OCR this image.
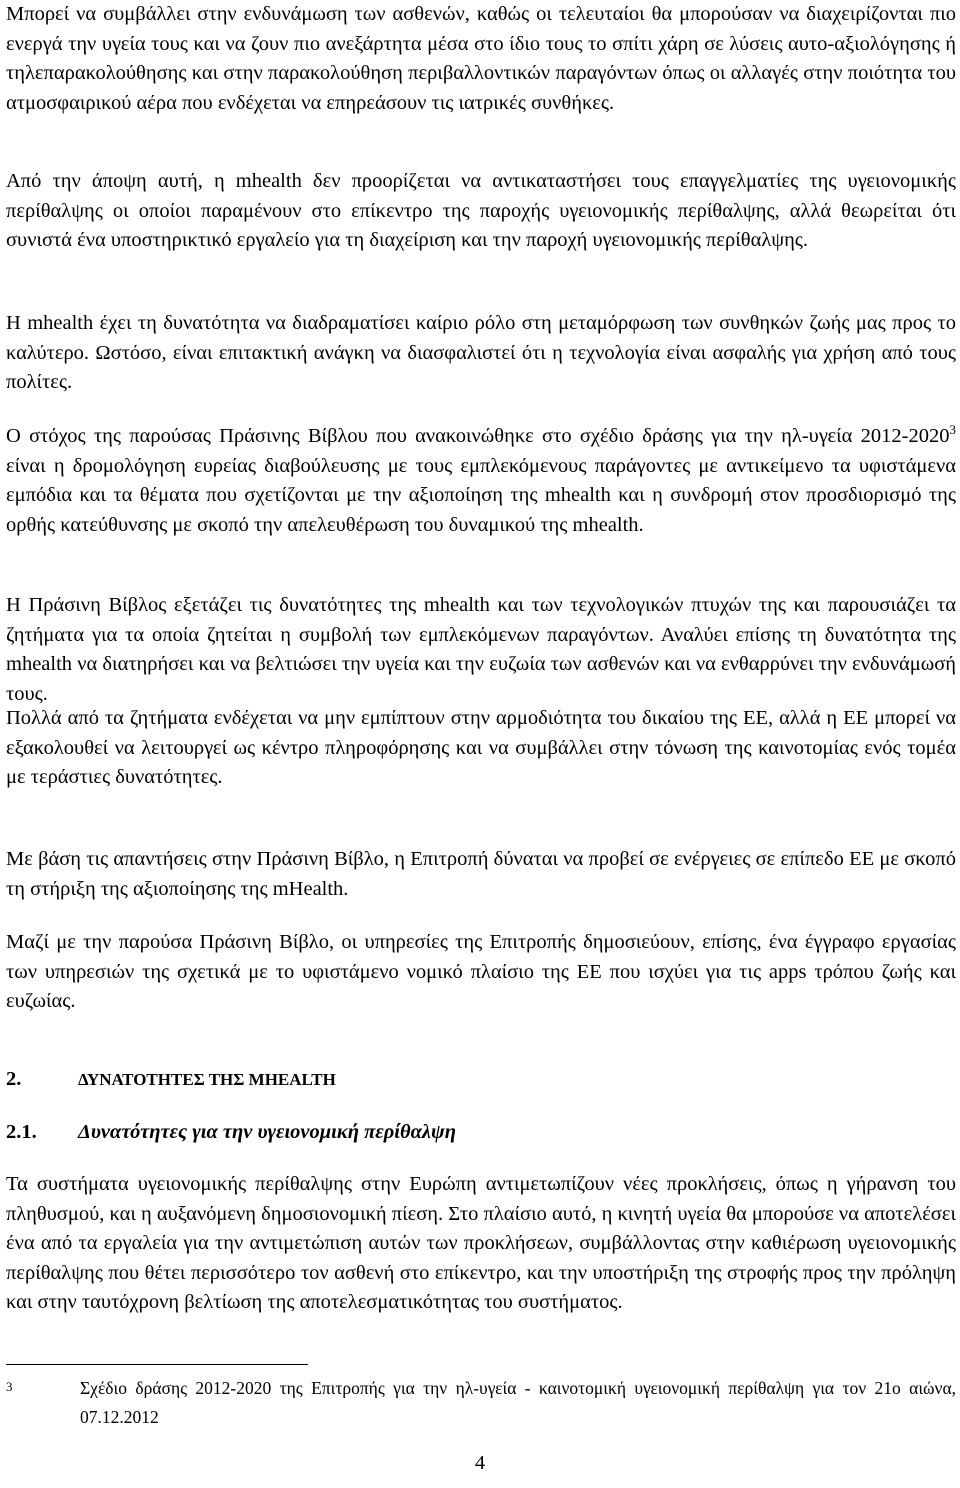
Μπορεί να συμβάλλει στην ενδυνάμωση των ασθενών, καθώς οι τελευταίοι θα μπορούσαν να διαχειρίζονται πιο ενεργά την υγεία τους και να ζουν πιο ανεξάρτητα μέσα στο ίδιο τους το σπίτι χάρη σε λύσεις αυτο-αξιολόγησης ή τηλεπαρακολούθησης και στην παρακολούθηση περιβαλλοντικών παραγόντων όπως οι αλλαγές στην ποιότητα του ατμοσφαιρικού αέρα που ενδέχεται να επηρεάσουν τις ιατρικές συνθήκες.

Από την άποψη αυτή, η mhealth δεν προορίζεται να αντικαταστήσει τους επαγγελματίες της υγειονομικής περίθαλψης οι οποίοι παραμένουν στο επίκεντρο της παροχής υγειονομικής περίθαλψης, αλλά θεωρείται ότι συνιστά ένα υποστηρικτικό εργαλείο για τη διαχείριση και την παροχή υγειονομικής περίθαλψης.

Η mhealth έχει τη δυνατότητα να διαδραματίσει καίριο ρόλο στη μεταμόρφωση των συνθηκών ζωής μας προς το καλύτερο. Ωστόσο, είναι επιτακτική ανάγκη να διασφαλιστεί ότι η τεχνολογία είναι ασφαλής για χρήση από τους πολίτες.

Ο στόχος της παρούσας Πράσινης Βίβλου που ανακοινώθηκε στο σχέδιο δράσης για την ηλ-υγεία 2012-2020$^3$ είναι η δρομολόγηση ευρείας διαβούλευσης με τους εμπλεκόμενους παράγοντες με αντικείμενο τα υφιστάμενα εμπόδια και τα θέματα που σχετίζονται με την αξιοποίηση της mhealth και η συνδρομή στον προσδιορισμό της ορθής κατεύθυνσης με σκοπό την απελευθέρωση του δυναμικού της mhealth.

Η Πράσινη Βίβλος εξετάζει τις δυνατότητες της mhealth και των τεχνολογικών πτυχών της και παρουσιάζει τα ζητήματα για τα οποία ζητείται η συμβολή των εμπλεκόμενων παραγόντων. Αναλύει επίσης τη δυνατότητα της mhealth να διατηρήσει και να βελτιώσει την υγεία και την ευζωία των ασθενών και να ενθαρρύνει την ενδυνάμωσή τους.

Πολλά από τα ζητήματα ενδέχεται να μην εμπίπτουν στην αρμοδιότητα του δικαίου της ΕΕ, αλλά η ΕΕ μπορεί να εξακολουθεί να λειτουργεί ως κέντρο πληροφόρησης και να συμβάλλει στην τόνωση της καινοτομίας ενός τομέα με τεράστιες δυνατότητες.

Με βάση τις απαντήσεις στην Πράσινη Βίβλο, η Επιτροπή δύναται να προβεί σε ενέργειες σε επίπεδο ΕΕ με σκοπό τη στήριξη της αξιοποίησης της mHealth.

Μαζί με την παρούσα Πράσινη Βίβλο, οι υπηρεσίες της Επιτροπής δημοσιεύουν, επίσης, ένα έγγραφο εργασίας των υπηρεσιών της σχετικά με το υφιστάμενο νομικό πλαίσιο της ΕΕ που ισχύει για τις apps τρόπου ζωής και ευζωίας.

2.	ΔΥΝΑΤΟΤΗΤΕΣ ΤΗΣ MHEALTH
2.1. Δυνατότητες για την υγειονομική περίθαλψη

Τα συστήματα υγειονομικής περίθαλψης στην Ευρώπη αντιμετωπίζουν νέες προκλήσεις, όπως η γήρανση του πληθυσμού, και η αυξανόμενη δημοσιονομική πίεση. Στο πλαίσιο αυτό, η κινητή υγεία θα μπορούσε να αποτελέσει ένα από τα εργαλεία για την αντιμετώπιση αυτών των προκλήσεων, συμβάλλοντας στην καθιέρωση υγειονομικής περίθαλψης που θέτει περισσότερο τον ασθενή στο επίκεντρο, και την υποστήριξη της στροφής προς την πρόληψη και στην ταυτόχρονη βελτίωση της αποτελεσματικότητας του συστήματος.

3	Σχέδιο δράσης 2012-2020 της Επιτροπής για την ηλ-υγεία - καινοτομική υγειονομική περίθαλψη για τον 21ο αιώνα, 07.12.2012
4
